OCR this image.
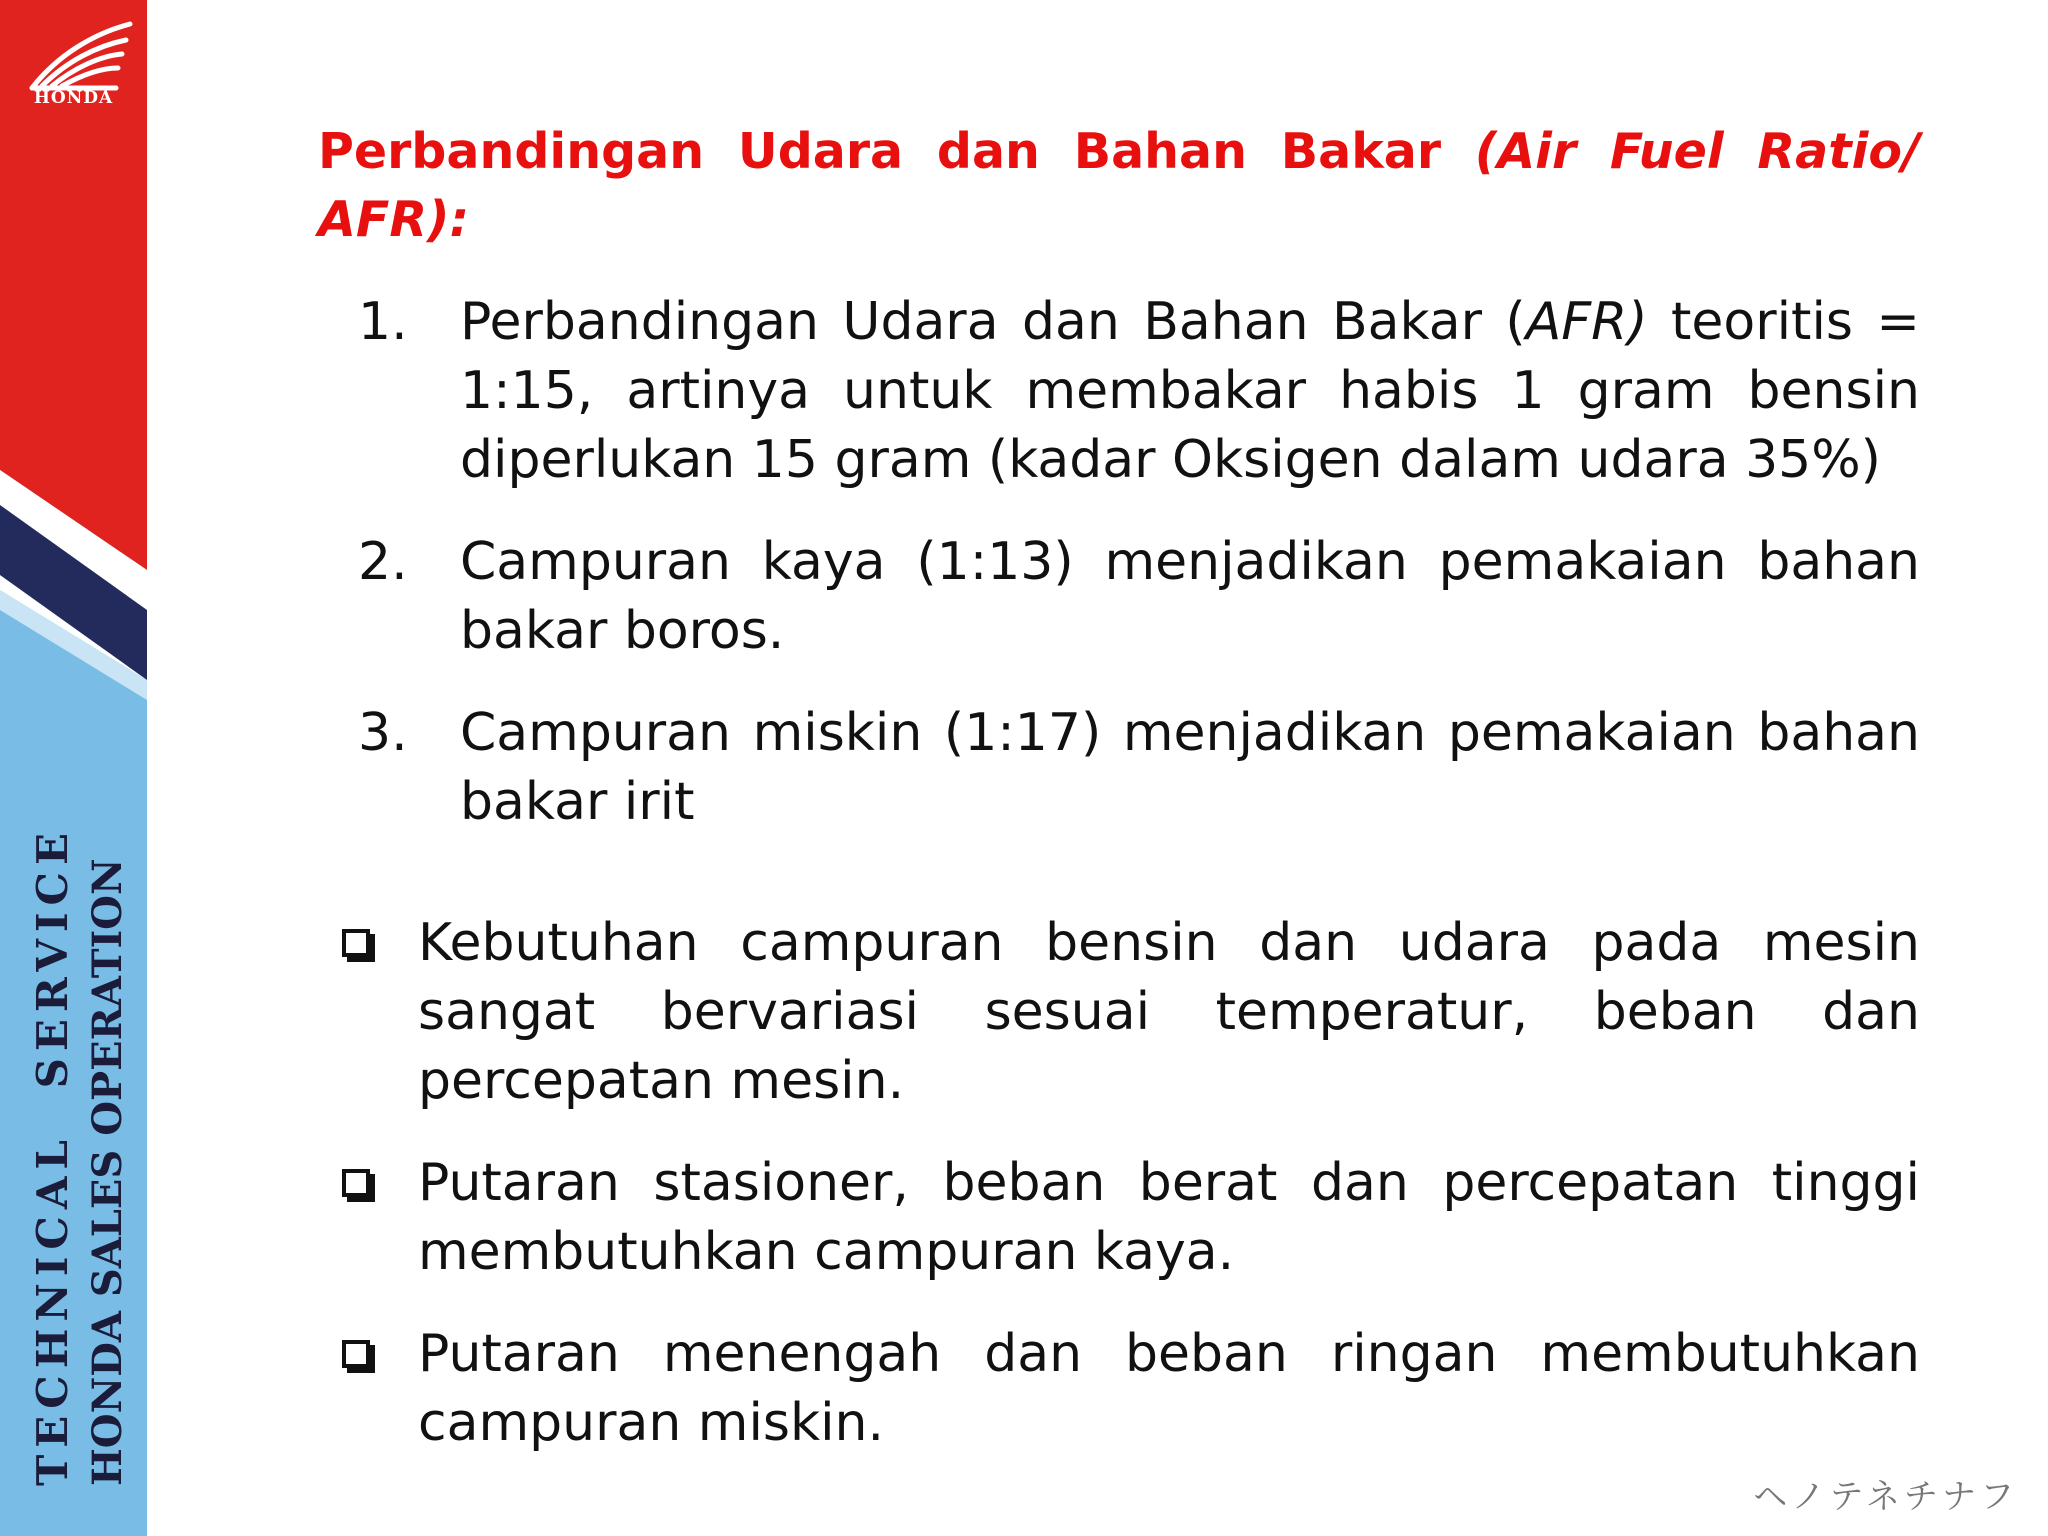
HONDA
TECHNICAL SERVICE HONDA SALES OPERATION

Perbandingan Udara dan Bahan Bakar (Air Fuel Ratio/ AFR):

1. Perbandingan Udara dan Bahan Bakar (AFR) teoritis = 1:15, artinya untuk membakar habis 1 gram bensin diperlukan 15 gram (kadar Oksigen dalam udara 35%)
2. Campuran kaya (1:13) menjadikan pemakaian bahan bakar boros.
3. Campuran miskin (1:17) menjadikan pemakaian bahan bakar irit
Kebutuhan campuran bensin dan udara pada mesin sangat bervariasi sesuai temperatur, beban dan percepatan mesin.
Putaran stasioner, beban berat dan percepatan tinggi membutuhkan campuran kaya.
Putaran menengah dan beban ringan membutuhkan campuran miskin.
ヘノテネチナフ
